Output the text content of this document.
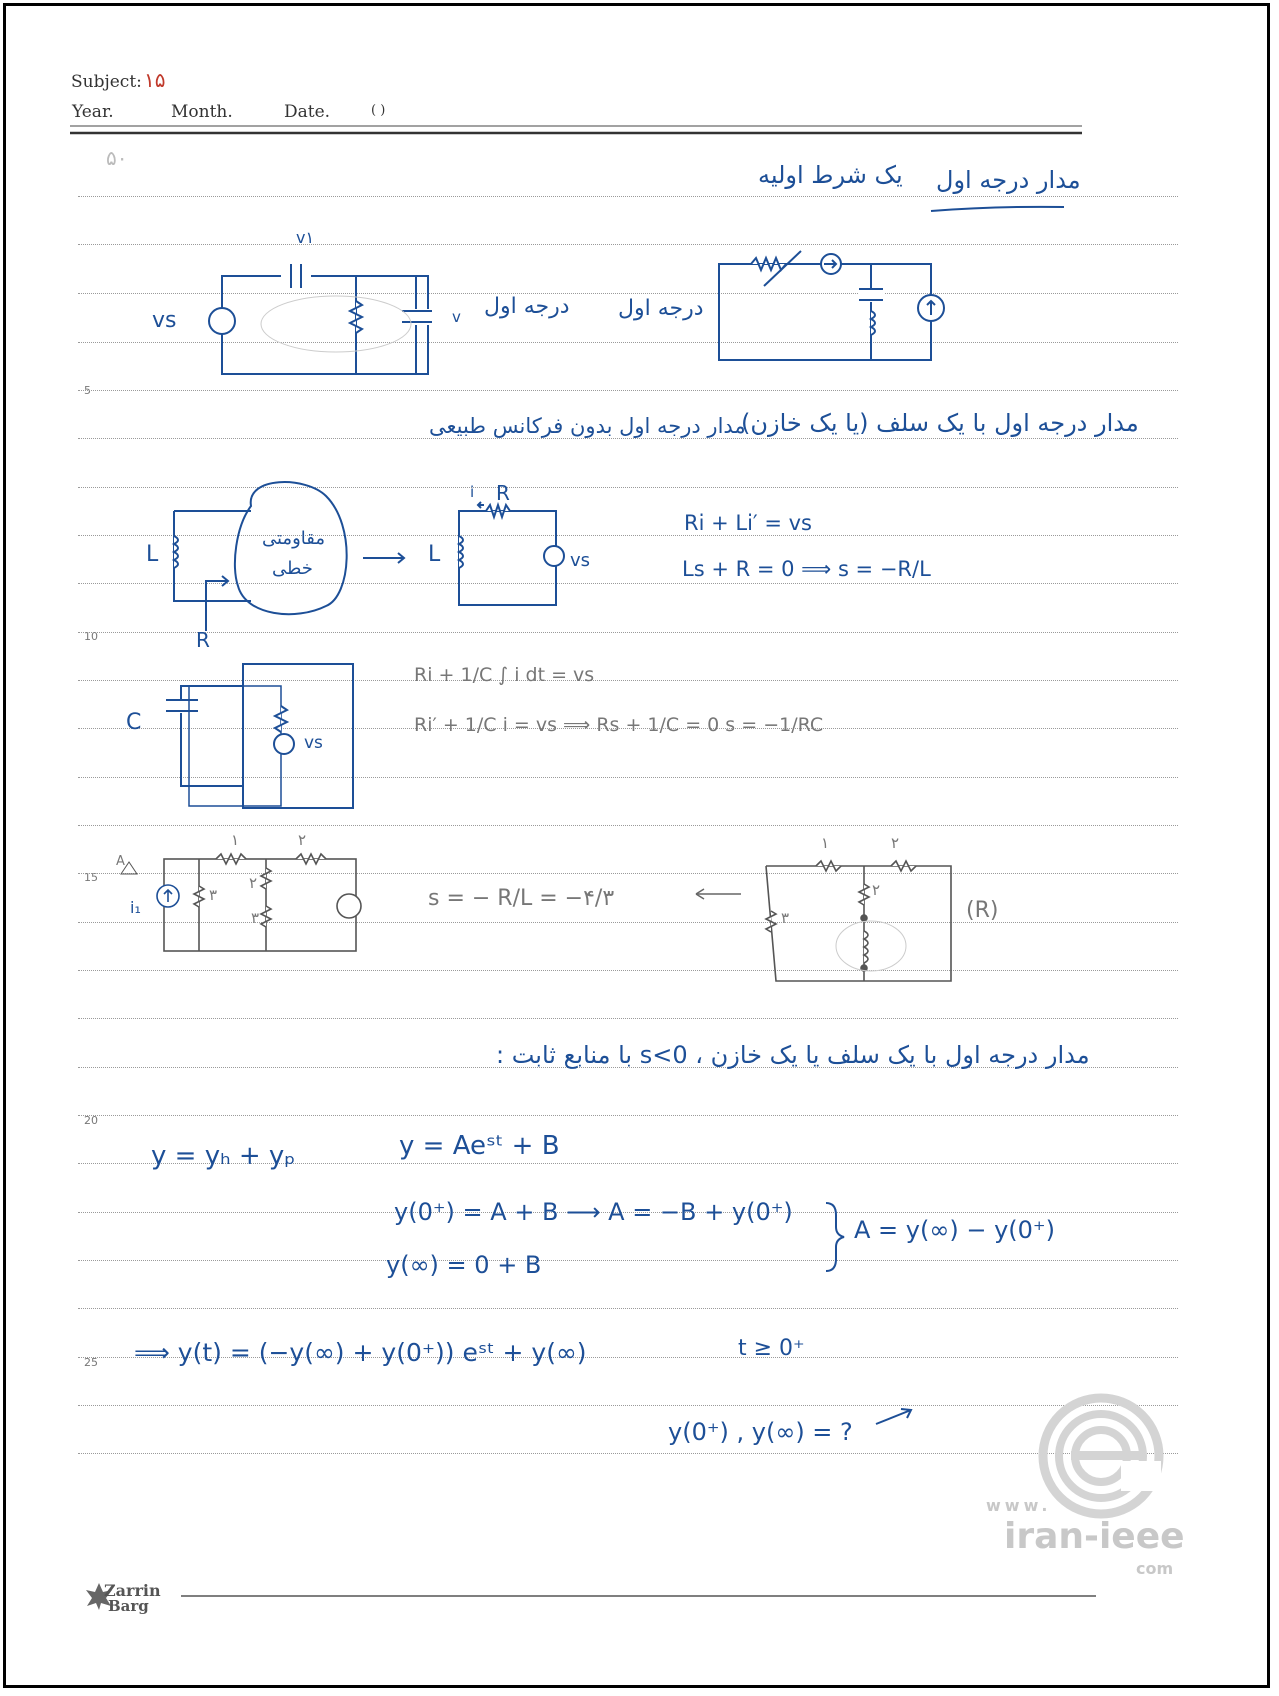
Subject: ۱۵
Year.	Month.	Date.	( )
۵۰
5
10
15
20
25
مدار درجه اول
یک شرط اولیه
vs
v۱
v درجه اول درجه اول
مدار درجه اول با یک سلف (یا یک خازن)
مدار درجه اول بدون فرکانس طبیعی
L
مقاومتی
خطی
R
L
i R
vs
Ri + Li′ = vs
Ls + R = 0 ⟹ s = −R/L
C
vs
Ri + 1/C ∫ i dt = vs
Ri′ + 1/C i = vs ⟹ Rs + 1/C = 0 s = −1/RC
i₁
A
۱	۲
۳
۲
۳
s = − R/L = −۴/۳
۱	۲
۲
۳	(R)
مدار درجه اول با یک سلف یا یک خازن ، s<0 با منابع ثابت :
y = yₕ + yₚ	y = Aeˢᵗ + B
y(0⁺) = A + B ⟶ A = −B + y(0⁺)
y(∞) = 0 + B
A = y(∞) − y(0⁺)
⟹ y(t) = (−y(∞) + y(0⁺)) eˢᵗ + y(∞)	t ≥ 0⁺
y(0⁺) , y(∞) = ?
Zarrin
Barg
www.
iran-ieee
com
